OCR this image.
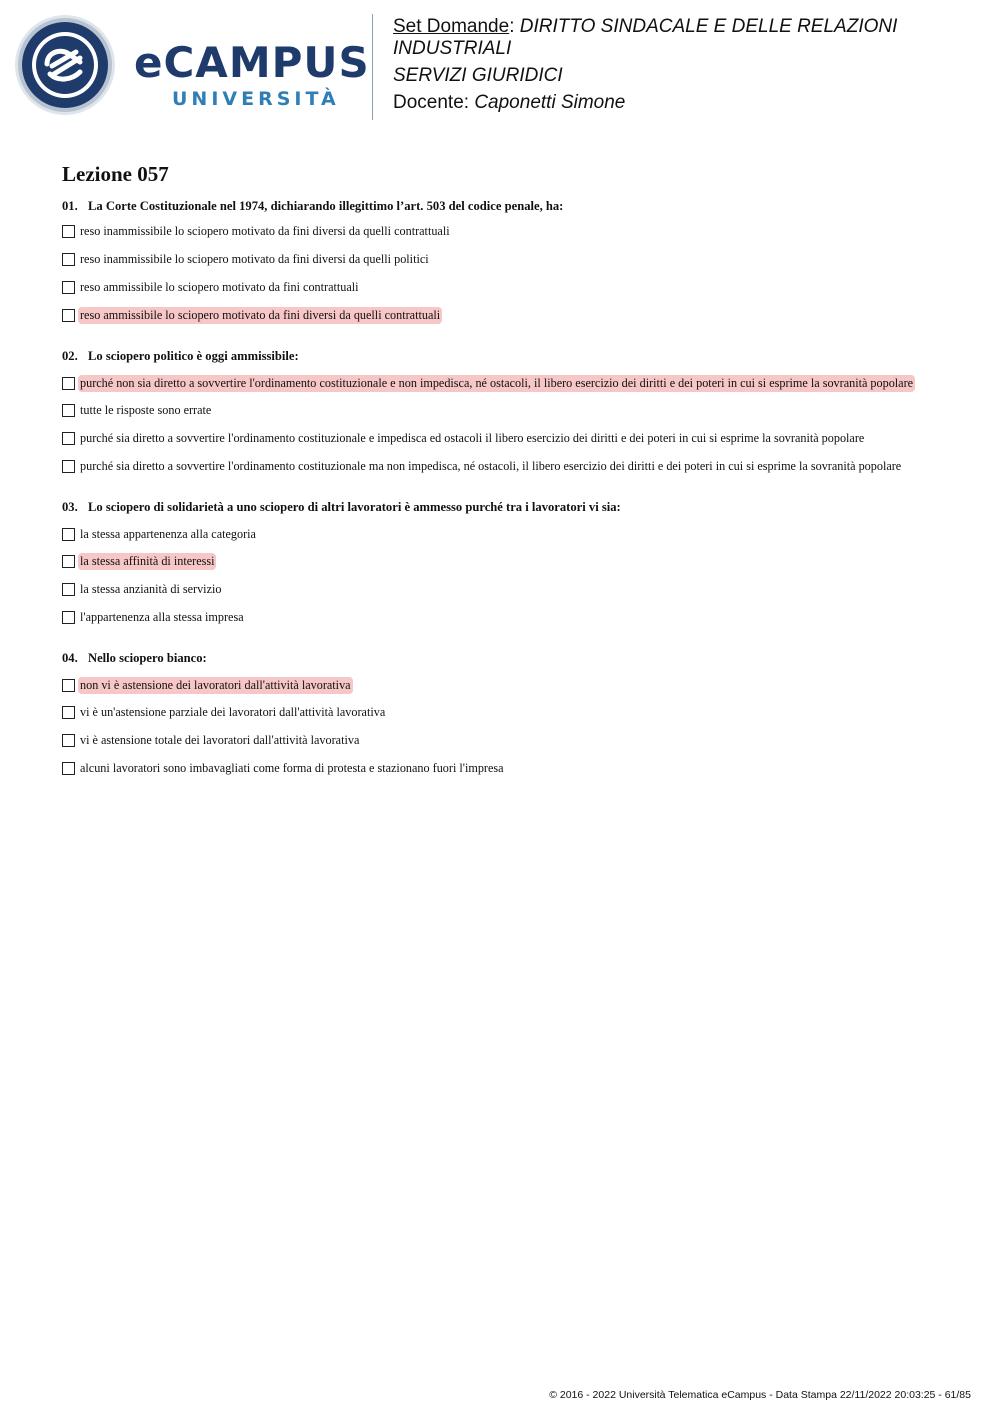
eCAMPUS
UNIVERSITÀ

Set Domande: DIRITTO SINDACALE E DELLE RELAZIONI INDUSTRIALI

SERVIZI GIURIDICI

Docente: Caponetti Simone

Lezione 057
01. La Corte Costituzionale nel 1974, dichiarando illegittimo l’art. 503 del codice penale, ha:
reso inammissibile lo sciopero motivato da fini diversi da quelli contrattuali
reso inammissibile lo sciopero motivato da fini diversi da quelli politici
reso ammissibile lo sciopero motivato da fini contrattuali
reso ammissibile lo sciopero motivato da fini diversi da quelli contrattuali
02. Lo sciopero politico è oggi ammissibile:
purché non sia diretto a sovvertire l'ordinamento costituzionale e non impedisca, né ostacoli, il libero esercizio dei diritti e dei poteri in cui si esprime la sovranità popolare
tutte le risposte sono errate
purché sia diretto a sovvertire l'ordinamento costituzionale e impedisca ed ostacoli il libero esercizio dei diritti e dei poteri in cui si esprime la sovranità popolare
purché sia diretto a sovvertire l'ordinamento costituzionale ma non impedisca, né ostacoli, il libero esercizio dei diritti e dei poteri in cui si esprime la sovranità popolare
03. Lo sciopero di solidarietà a uno sciopero di altri lavoratori è ammesso purché tra i lavoratori vi sia:
la stessa appartenenza alla categoria
la stessa affinità di interessi
la stessa anzianità di servizio
l'appartenenza alla stessa impresa
04. Nello sciopero bianco:
non vi è astensione dei lavoratori dall'attività lavorativa
vi è un'astensione parziale dei lavoratori dall'attività lavorativa
vi è astensione totale dei lavoratori dall'attività lavorativa
alcuni lavoratori sono imbavagliati come forma di protesta e stazionano fuori l'impresa
© 2016 - 2022 Università Telematica eCampus - Data Stampa 22/11/2022 20:03:25 - 61/85
